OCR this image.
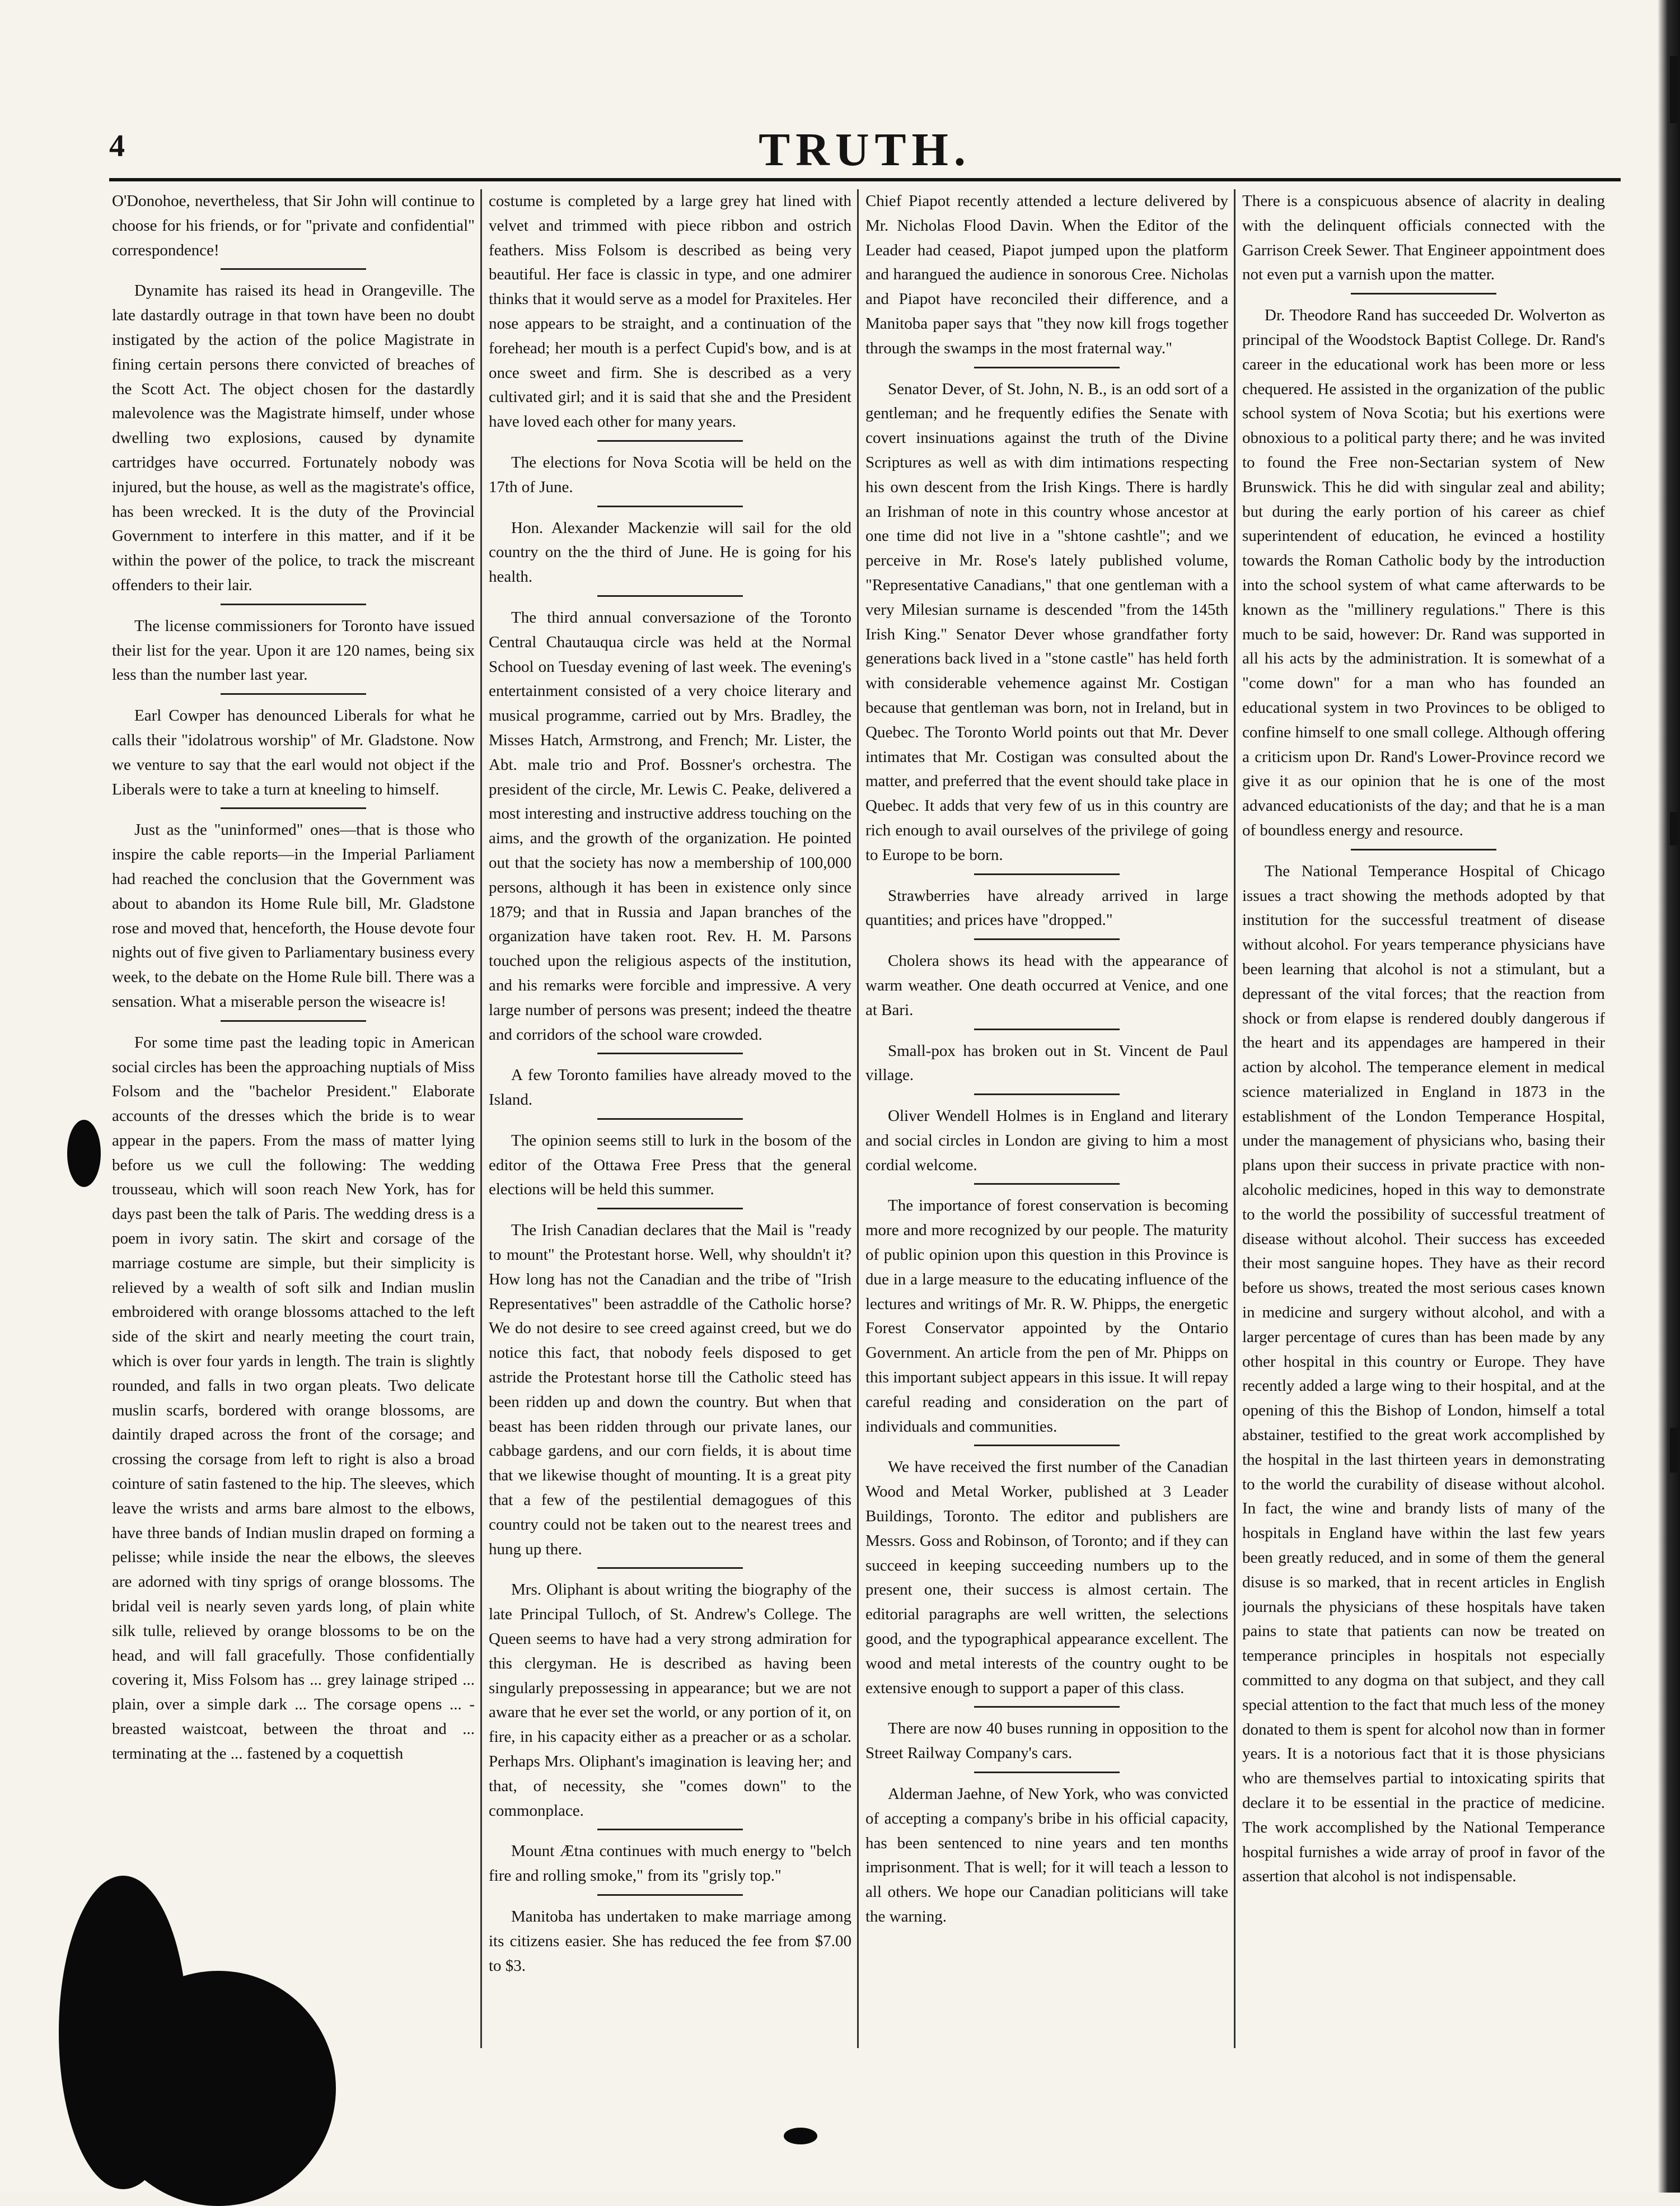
4	TRUTH.

O'Donohoe, nevertheless, that Sir John will continue to choose for his friends, or for "private and confidential" correspondence!

Dynamite has raised its head in Orangeville. The late dastardly outrage in that town have been no doubt instigated by the action of the police Magistrate in fining certain persons there convicted of breaches of the Scott Act. The object chosen for the dastardly malevolence was the Magistrate himself, under whose dwelling two explosions, caused by dynamite cartridges have occurred. Fortunately nobody was injured, but the house, as well as the magistrate's office, has been wrecked. It is the duty of the Provincial Government to interfere in this matter, and if it be within the power of the police, to track the miscreant offenders to their lair.

The license commissioners for Toronto have issued their list for the year. Upon it are 120 names, being six less than the number last year.

Earl Cowper has denounced Liberals for what he calls their "idolatrous worship" of Mr. Gladstone. Now we venture to say that the earl would not object if the Liberals were to take a turn at kneeling to himself.

Just as the "uninformed" ones—that is those who inspire the cable reports—in the Imperial Parliament had reached the conclusion that the Government was about to abandon its Home Rule bill, Mr. Gladstone rose and moved that, henceforth, the House devote four nights out of five given to Parliamentary business every week, to the debate on the Home Rule bill. There was a sensation. What a miserable person the wiseacre is!

For some time past the leading topic in American social circles has been the approaching nuptials of Miss Folsom and the "bachelor President." Elaborate accounts of the dresses which the bride is to wear appear in the papers. From the mass of matter lying before us we cull the following: The wedding trousseau, which will soon reach New York, has for days past been the talk of Paris. The wedding dress is a poem in ivory satin. The skirt and corsage of the marriage costume are simple, but their simplicity is relieved by a wealth of soft silk and Indian muslin embroidered with orange blossoms attached to the left side of the skirt and nearly meeting the court train, which is over four yards in length. The train is slightly rounded, and falls in two organ pleats. Two delicate muslin scarfs, bordered with orange blossoms, are daintily draped across the front of the corsage; and crossing the corsage from left to right is also a broad cointure of satin fastened to the hip. The sleeves, which leave the wrists and arms bare almost to the elbows, have three bands of Indian muslin draped on forming a pelisse; while inside the near the elbows, the sleeves are adorned with tiny sprigs of orange blossoms. The bridal veil is nearly seven yards long, of plain white silk tulle, relieved by orange blossoms to be on the head, and will fall gracefully. Those confidentially covering it, Miss Folsom has ... grey lainage striped ... plain, over a simple dark ... The corsage opens ... -breasted waistcoat, between the throat and ... terminating at the ... fastened by a coquettish

costume is completed by a large grey hat lined with velvet and trimmed with piece ribbon and ostrich feathers. Miss Folsom is described as being very beautiful. Her face is classic in type, and one admirer thinks that it would serve as a model for Praxiteles. Her nose appears to be straight, and a continuation of the forehead; her mouth is a perfect Cupid's bow, and is at once sweet and firm. She is described as a very cultivated girl; and it is said that she and the President have loved each other for many years.

The elections for Nova Scotia will be held on the 17th of June.

Hon. Alexander Mackenzie will sail for the old country on the the third of June. He is going for his health.

The third annual conversazione of the Toronto Central Chautauqua circle was held at the Normal School on Tuesday evening of last week. The evening's entertainment consisted of a very choice literary and musical programme, carried out by Mrs. Bradley, the Misses Hatch, Armstrong, and French; Mr. Lister, the Abt. male trio and Prof. Bossner's orchestra. The president of the circle, Mr. Lewis C. Peake, delivered a most interesting and instructive address touching on the aims, and the growth of the organization. He pointed out that the society has now a membership of 100,000 persons, although it has been in existence only since 1879; and that in Russia and Japan branches of the organization have taken root. Rev. H. M. Parsons touched upon the religious aspects of the institution, and his remarks were forcible and impressive. A very large number of persons was present; indeed the theatre and corridors of the school ware crowded.

A few Toronto families have already moved to the Island.

The opinion seems still to lurk in the bosom of the editor of the Ottawa Free Press that the general elections will be held this summer.

The Irish Canadian declares that the Mail is "ready to mount" the Protestant horse. Well, why shouldn't it? How long has not the Canadian and the tribe of "Irish Representatives" been astraddle of the Catholic horse? We do not desire to see creed against creed, but we do notice this fact, that nobody feels disposed to get astride the Protestant horse till the Catholic steed has been ridden up and down the country. But when that beast has been ridden through our private lanes, our cabbage gardens, and our corn fields, it is about time that we likewise thought of mounting. It is a great pity that a few of the pestilential demagogues of this country could not be taken out to the nearest trees and hung up there.

Mrs. Oliphant is about writing the biography of the late Principal Tulloch, of St. Andrew's College. The Queen seems to have had a very strong admiration for this clergyman. He is described as having been singularly prepossessing in appearance; but we are not aware that he ever set the world, or any portion of it, on fire, in his capacity either as a preacher or as a scholar. Perhaps Mrs. Oliphant's imagination is leaving her; and that, of necessity, she "comes down" to the commonplace.

Mount Ætna continues with much energy to "belch fire and rolling smoke," from its "grisly top."

Manitoba has undertaken to make marriage among its citizens easier. She has reduced the fee from $7.00 to $3.

Chief Piapot recently attended a lecture delivered by Mr. Nicholas Flood Davin. When the Editor of the Leader had ceased, Piapot jumped upon the platform and harangued the audience in sonorous Cree. Nicholas and Piapot have reconciled their difference, and a Manitoba paper says that "they now kill frogs together through the swamps in the most fraternal way."

Senator Dever, of St. John, N. B., is an odd sort of a gentleman; and he frequently edifies the Senate with covert insinuations against the truth of the Divine Scriptures as well as with dim intimations respecting his own descent from the Irish Kings. There is hardly an Irishman of note in this country whose ancestor at one time did not live in a "shtone cashtle"; and we perceive in Mr. Rose's lately published volume, "Representative Canadians," that one gentleman with a very Milesian surname is descended "from the 145th Irish King." Senator Dever whose grandfather forty generations back lived in a "stone castle" has held forth with considerable vehemence against Mr. Costigan because that gentleman was born, not in Ireland, but in Quebec. The Toronto World points out that Mr. Dever intimates that Mr. Costigan was consulted about the matter, and preferred that the event should take place in Quebec. It adds that very few of us in this country are rich enough to avail ourselves of the privilege of going to Europe to be born.

Strawberries have already arrived in large quantities; and prices have "dropped."

Cholera shows its head with the appearance of warm weather. One death occurred at Venice, and one at Bari.

Small-pox has broken out in St. Vincent de Paul village.

Oliver Wendell Holmes is in England and literary and social circles in London are giving to him a most cordial welcome.

The importance of forest conservation is becoming more and more recognized by our people. The maturity of public opinion upon this question in this Province is due in a large measure to the educating influence of the lectures and writings of Mr. R. W. Phipps, the energetic Forest Conservator appointed by the Ontario Government. An article from the pen of Mr. Phipps on this important subject appears in this issue. It will repay careful reading and consideration on the part of individuals and communities.

We have received the first number of the Canadian Wood and Metal Worker, published at 3 Leader Buildings, Toronto. The editor and publishers are Messrs. Goss and Robinson, of Toronto; and if they can succeed in keeping succeeding numbers up to the present one, their success is almost certain. The editorial paragraphs are well written, the selections good, and the typographical appearance excellent. The wood and metal interests of the country ought to be extensive enough to support a paper of this class.

There are now 40 buses running in opposition to the Street Railway Company's cars.

Alderman Jaehne, of New York, who was convicted of accepting a company's bribe in his official capacity, has been sentenced to nine years and ten months imprisonment. That is well; for it will teach a lesson to all others. We hope our Canadian politicians will take the warning.

There is a conspicuous absence of alacrity in dealing with the delinquent officials connected with the Garrison Creek Sewer. That Engineer appointment does not even put a varnish upon the matter.

Dr. Theodore Rand has succeeded Dr. Wolverton as principal of the Woodstock Baptist College. Dr. Rand's career in the educational work has been more or less chequered. He assisted in the organization of the public school system of Nova Scotia; but his exertions were obnoxious to a political party there; and he was invited to found the Free non-Sectarian system of New Brunswick. This he did with singular zeal and ability; but during the early portion of his career as chief superintendent of education, he evinced a hostility towards the Roman Catholic body by the introduction into the school system of what came afterwards to be known as the "millinery regulations." There is this much to be said, however: Dr. Rand was supported in all his acts by the administration. It is somewhat of a "come down" for a man who has founded an educational system in two Provinces to be obliged to confine himself to one small college. Although offering a criticism upon Dr. Rand's Lower-Province record we give it as our opinion that he is one of the most advanced educationists of the day; and that he is a man of boundless energy and resource.

The National Temperance Hospital of Chicago issues a tract showing the methods adopted by that institution for the successful treatment of disease without alcohol. For years temperance physicians have been learning that alcohol is not a stimulant, but a depressant of the vital forces; that the reaction from shock or from elapse is rendered doubly dangerous if the heart and its appendages are hampered in their action by alcohol. The temperance element in medical science materialized in England in 1873 in the establishment of the London Temperance Hospital, under the management of physicians who, basing their plans upon their success in private practice with non-alcoholic medicines, hoped in this way to demonstrate to the world the possibility of successful treatment of disease without alcohol. Their success has exceeded their most sanguine hopes. They have as their record before us shows, treated the most serious cases known in medicine and surgery without alcohol, and with a larger percentage of cures than has been made by any other hospital in this country or Europe. They have recently added a large wing to their hospital, and at the opening of this the Bishop of London, himself a total abstainer, testified to the great work accomplished by the hospital in the last thirteen years in demonstrating to the world the curability of disease without alcohol. In fact, the wine and brandy lists of many of the hospitals in England have within the last few years been greatly reduced, and in some of them the general disuse is so marked, that in recent articles in English journals the physicians of these hospitals have taken pains to state that patients can now be treated on temperance principles in hospitals not especially committed to any dogma on that subject, and they call special attention to the fact that much less of the money donated to them is spent for alcohol now than in former years. It is a notorious fact that it is those physicians who are themselves partial to intoxicating spirits that declare it to be essential in the practice of medicine. The work accomplished by the National Temperance hospital furnishes a wide array of proof in favor of the assertion that alcohol is not indispensable.
